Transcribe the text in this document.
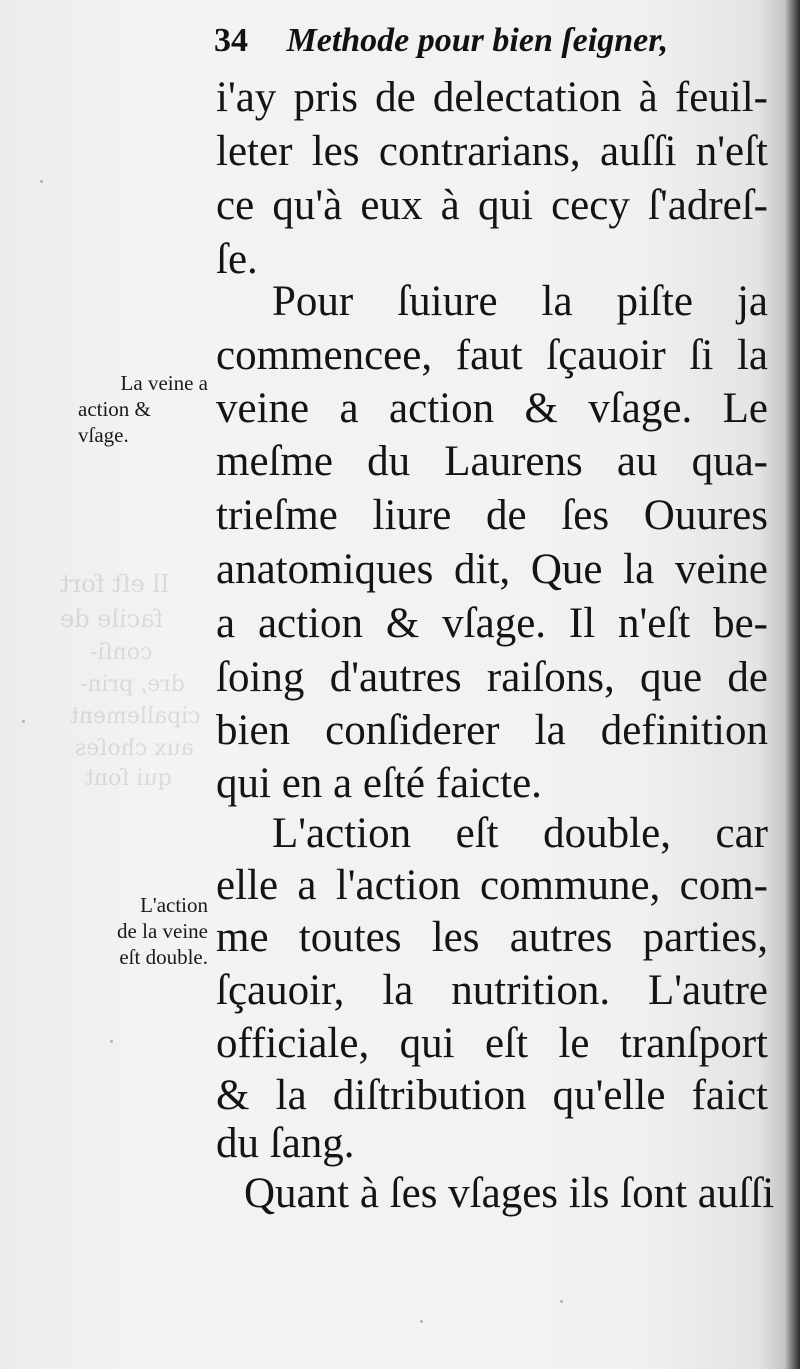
Il eſt fort
facile de
conſi-
dre, prin-
cipallement
aux choſes
qui ſont
34 Methode pour bien ſeigner,
i'ay pris de delectation à feuil-
leter les contrarians, auſſi n'eſt
ce qu'à eux à qui cecy ſ'adreſ-
ſe.
Pour ſuiure la piſte ja
commencee, faut ſçauoir ſi la
veine a action & vſage. Le
meſme du Laurens au qua-
trieſme liure de ſes Ouures
anatomiques dit, Que la veine
a action & vſage. Il n'eſt be-
ſoing d'autres raiſons, que de
bien conſiderer la definition
qui en a eſté faicte.
L'action eſt double, car
elle a l'action commune, com-
me toutes les autres parties,
ſçauoir, la nutrition. L'autre
officiale, qui eſt le tranſport
& la diſtribution qu'elle faict
du ſang.
Quant à ſes vſages ils ſont auſſi
La veine a
action &
vſage.
L'action
de la veine
eſt double.
